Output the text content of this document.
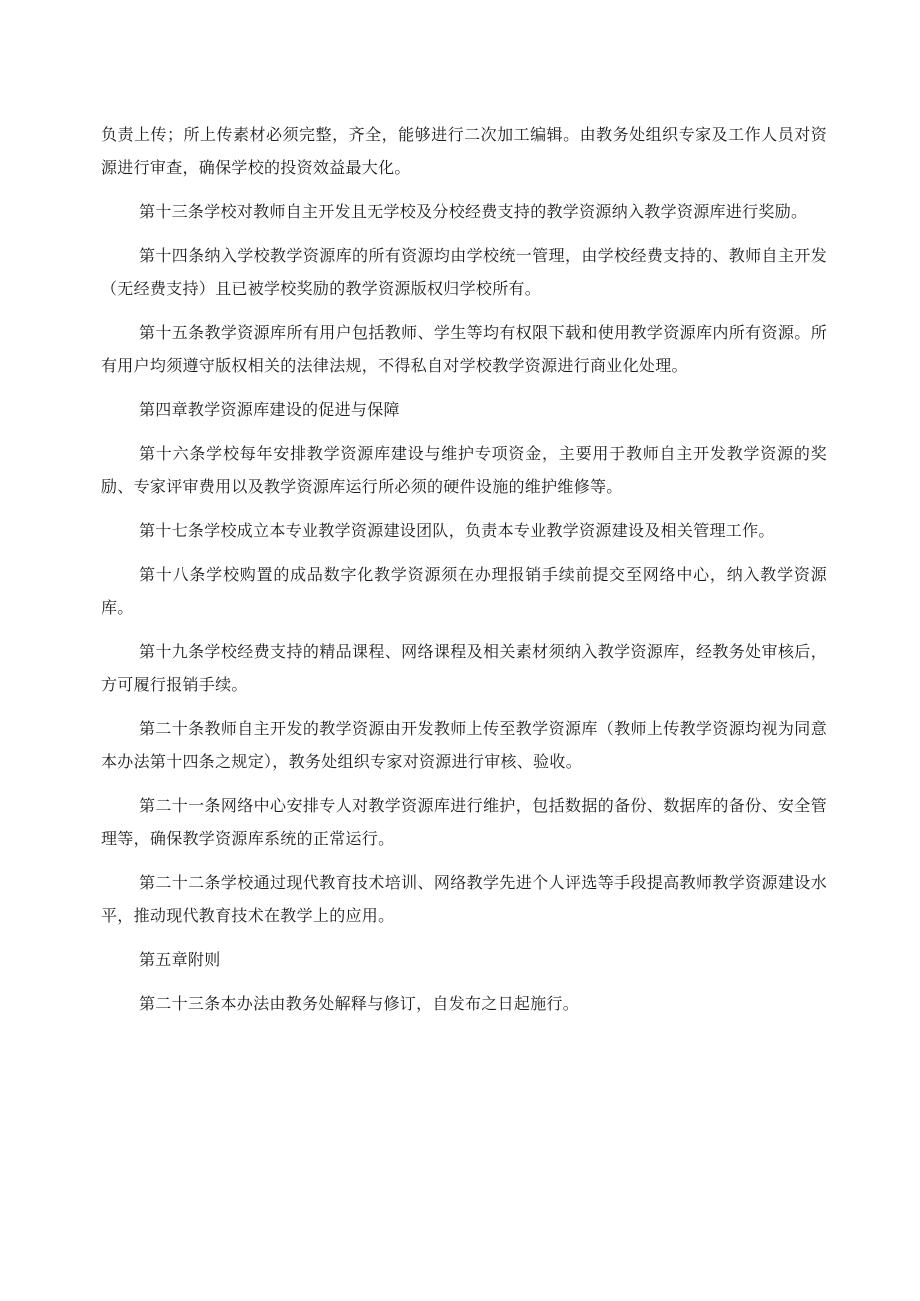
负责上传；所上传素材必须完整，齐全，能够进行二次加工编辑。由教务处组织专家及工作人员对资源进行审查，确保学校的投资效益最大化。

第十三条学校对教师自主开发且无学校及分校经费支持的教学资源纳入教学资源库进行奖励。

第十四条纳入学校教学资源库的所有资源均由学校统一管理，由学校经费支持的、教师自主开发（无经费支持）且已被学校奖励的教学资源版权归学校所有。

第十五条教学资源库所有用户包括教师、学生等均有权限下载和使用教学资源库内所有资源。所有用户均须遵守版权相关的法律法规，不得私自对学校教学资源进行商业化处理。

第四章教学资源库建设的促进与保障

第十六条学校每年安排教学资源库建设与维护专项资金，主要用于教师自主开发教学资源的奖励、专家评审费用以及教学资源库运行所必须的硬件设施的维护维修等。

第十七条学校成立本专业教学资源建设团队，负责本专业教学资源建设及相关管理工作。

第十八条学校购置的成品数字化教学资源须在办理报销手续前提交至网络中心，纳入教学资源库。

第十九条学校经费支持的精品课程、网络课程及相关素材须纳入教学资源库，经教务处审核后，方可履行报销手续。

第二十条教师自主开发的教学资源由开发教师上传至教学资源库（教师上传教学资源均视为同意本办法第十四条之规定），教务处组织专家对资源进行审核、验收。

第二十一条网络中心安排专人对教学资源库进行维护，包括数据的备份、数据库的备份、安全管理等，确保教学资源库系统的正常运行。

第二十二条学校通过现代教育技术培训、网络教学先进个人评选等手段提高教师教学资源建设水平，推动现代教育技术在教学上的应用。

第五章附则

第二十三条本办法由教务处解释与修订，自发布之日起施行。
